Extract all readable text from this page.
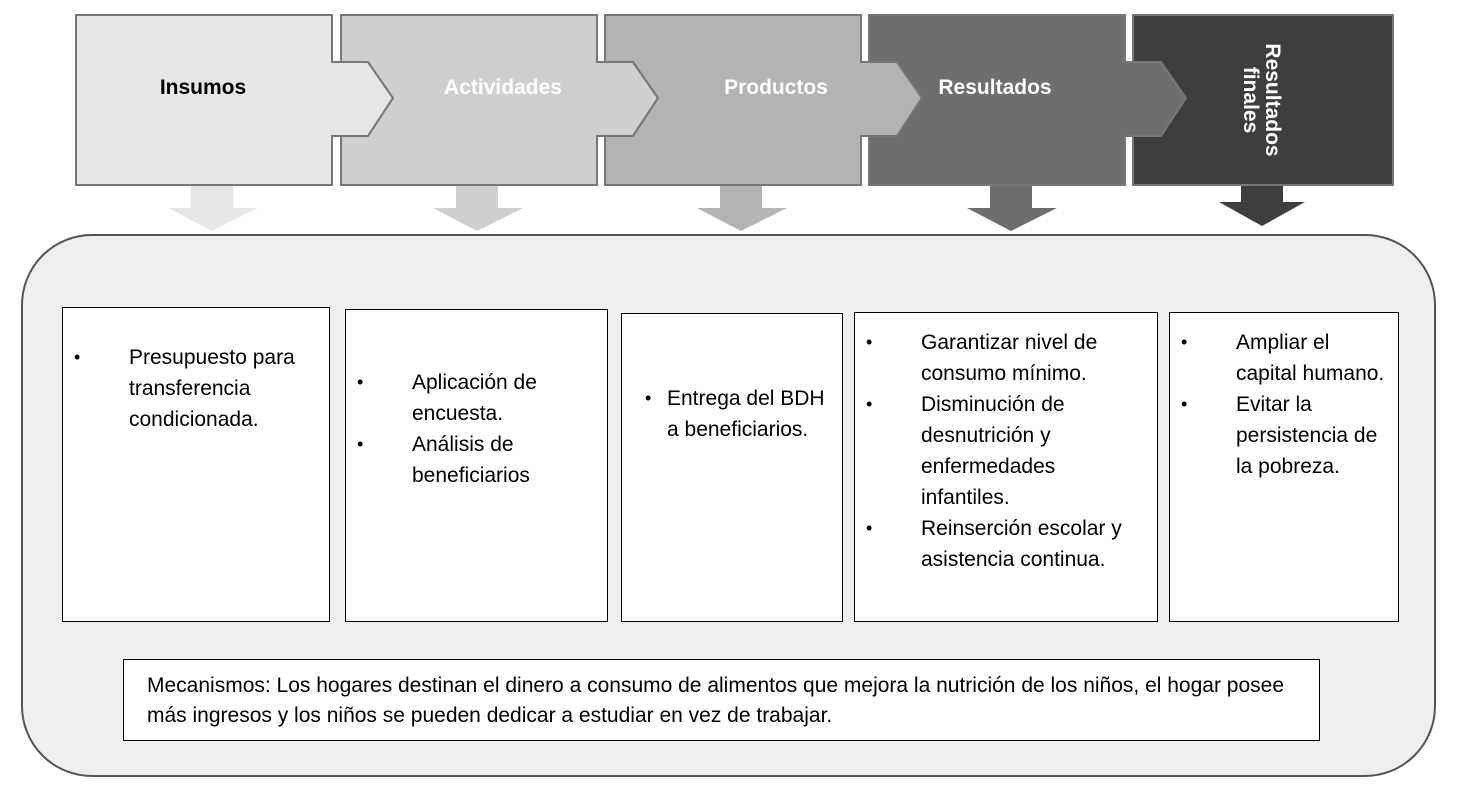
Insumos	Actividades	Productos	Resultados	Resultadosfinales
• Presupuesto para transferencia condicionada.
• Aplicación de encuesta.
• Análisis de beneficiarios
• Entrega del BDH a beneficiarios.
• Garantizar nivel de consumo mínimo.
• Disminución de desnutrición y enfermedades infantiles.
• Reinserción escolar y asistencia continua.
• Ampliar el capital humano.
• Evitar la persistencia de la pobreza.
Mecanismos: Los hogares destinan el dinero a consumo de alimentos que mejora la nutrición de los niños, el hogar posee más ingresos y los niños se pueden dedicar a estudiar en vez de trabajar.
